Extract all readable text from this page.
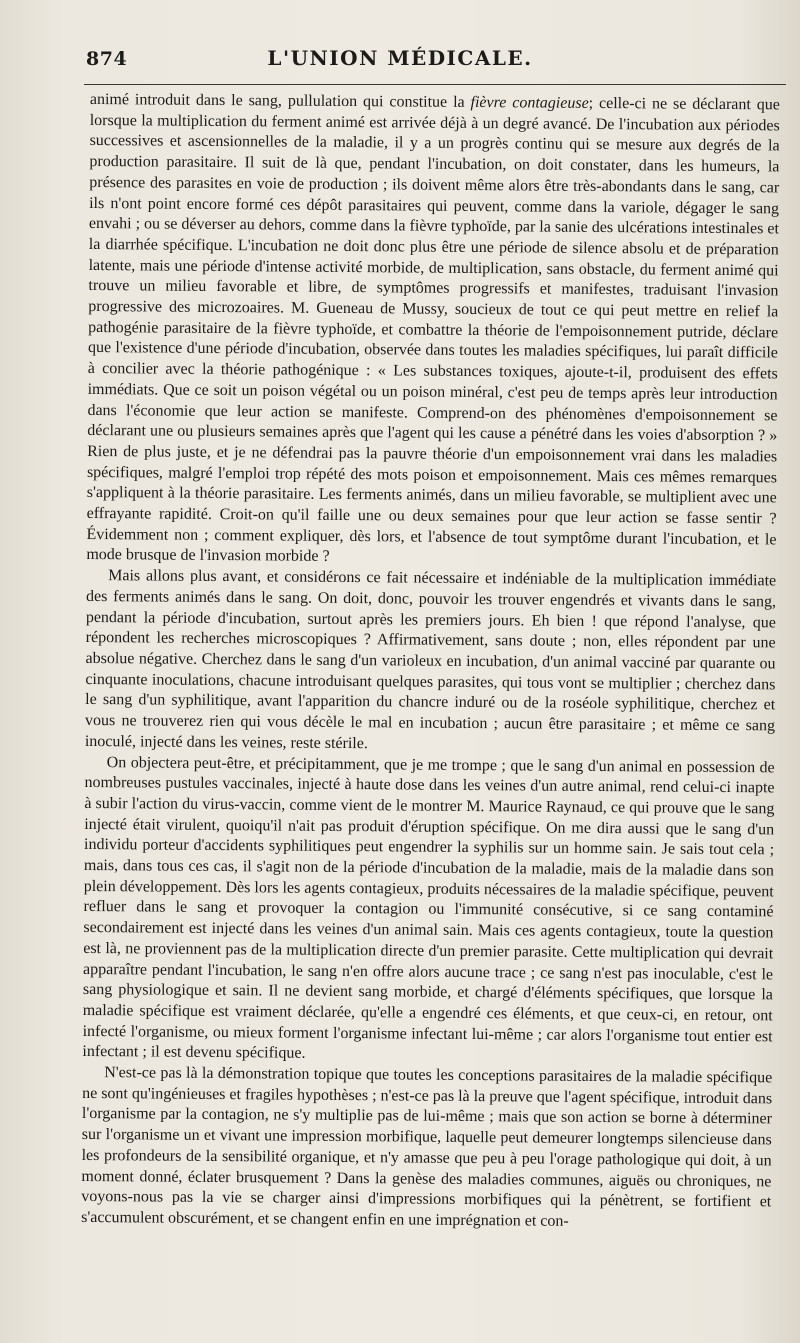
874	L'UNION MÉDICALE.

animé introduit dans le sang, pullulation qui constitue la fièvre contagieuse; celle-ci ne se déclarant que lorsque la multiplication du ferment animé est arrivée déjà à un degré avancé. De l'incubation aux périodes successives et ascensionnelles de la maladie, il y a un progrès continu qui se mesure aux degrés de la production parasitaire. Il suit de là que, pendant l'incubation, on doit constater, dans les humeurs, la présence des parasites en voie de production ; ils doivent même alors être très-abondants dans le sang, car ils n'ont point encore formé ces dépôt parasitaires qui peuvent, comme dans la variole, dégager le sang envahi ; ou se déverser au dehors, comme dans la fièvre typhoïde, par la sanie des ulcérations intestinales et la diarrhée spécifique. L'incubation ne doit donc plus être une période de silence absolu et de préparation latente, mais une période d'intense activité morbide, de multiplication, sans obstacle, du ferment animé qui trouve un milieu favorable et libre, de symptômes progressifs et manifestes, traduisant l'invasion progressive des microzoaires. M. Gueneau de Mussy, soucieux de tout ce qui peut mettre en relief la pathogénie parasitaire de la fièvre typhoïde, et combattre la théorie de l'empoisonnement putride, déclare que l'existence d'une période d'incubation, observée dans toutes les maladies spécifiques, lui paraît difficile à concilier avec la théorie pathogénique : « Les substances toxiques, ajoute-t-il, produisent des effets immédiats. Que ce soit un poison végétal ou un poison minéral, c'est peu de temps après leur introduction dans l'économie que leur action se manifeste. Comprend-on des phénomènes d'empoisonnement se déclarant une ou plusieurs semaines après que l'agent qui les cause a pénétré dans les voies d'absorption ? » Rien de plus juste, et je ne défendrai pas la pauvre théorie d'un empoisonnement vrai dans les maladies spécifiques, malgré l'emploi trop répété des mots poison et empoisonnement. Mais ces mêmes remarques s'appliquent à la théorie parasitaire. Les ferments animés, dans un milieu favorable, se multiplient avec une effrayante rapidité. Croit-on qu'il faille une ou deux semaines pour que leur action se fasse sentir ? Évidemment non ; comment expliquer, dès lors, et l'absence de tout symptôme durant l'incubation, et le mode brusque de l'invasion morbide ?

Mais allons plus avant, et considérons ce fait nécessaire et indéniable de la multiplication immédiate des ferments animés dans le sang. On doit, donc, pouvoir les trouver engendrés et vivants dans le sang, pendant la période d'incubation, surtout après les premiers jours. Eh bien ! que répond l'analyse, que répondent les recherches microscopiques ? Affirmativement, sans doute ; non, elles répondent par une absolue négative. Cherchez dans le sang d'un varioleux en incubation, d'un animal vacciné par quarante ou cinquante inoculations, chacune introduisant quelques parasites, qui tous vont se multiplier ; cherchez dans le sang d'un syphilitique, avant l'apparition du chancre induré ou de la roséole syphilitique, cherchez et vous ne trouverez rien qui vous décèle le mal en incubation ; aucun être parasitaire ; et même ce sang inoculé, injecté dans les veines, reste stérile.

On objectera peut-être, et précipitamment, que je me trompe ; que le sang d'un animal en possession de nombreuses pustules vaccinales, injecté à haute dose dans les veines d'un autre animal, rend celui-ci inapte à subir l'action du virus-vaccin, comme vient de le montrer M. Maurice Raynaud, ce qui prouve que le sang injecté était virulent, quoiqu'il n'ait pas produit d'éruption spécifique. On me dira aussi que le sang d'un individu porteur d'accidents syphilitiques peut engendrer la syphilis sur un homme sain. Je sais tout cela ; mais, dans tous ces cas, il s'agit non de la période d'incubation de la maladie, mais de la maladie dans son plein développement. Dès lors les agents contagieux, produits nécessaires de la maladie spécifique, peuvent refluer dans le sang et provoquer la contagion ou l'immunité consécutive, si ce sang contaminé secondairement est injecté dans les veines d'un animal sain. Mais ces agents contagieux, toute la question est là, ne proviennent pas de la multiplication directe d'un premier parasite. Cette multiplication qui devrait apparaître pendant l'incubation, le sang n'en offre alors aucune trace ; ce sang n'est pas inoculable, c'est le sang physiologique et sain. Il ne devient sang morbide, et chargé d'éléments spécifiques, que lorsque la maladie spécifique est vraiment déclarée, qu'elle a engendré ces éléments, et que ceux-ci, en retour, ont infecté l'organisme, ou mieux forment l'organisme infectant lui-même ; car alors l'organisme tout entier est infectant ; il est devenu spécifique.

N'est-ce pas là la démonstration topique que toutes les conceptions parasitaires de la maladie spécifique ne sont qu'ingénieuses et fragiles hypothèses ; n'est-ce pas là la preuve que l'agent spécifique, introduit dans l'organisme par la contagion, ne s'y multiplie pas de lui-même ; mais que son action se borne à déterminer sur l'organisme un et vivant une impression morbifique, laquelle peut demeurer longtemps silencieuse dans les profondeurs de la sensibilité organique, et n'y amasse que peu à peu l'orage pathologique qui doit, à un moment donné, éclater brusquement ? Dans la genèse des maladies communes, aiguës ou chroniques, ne voyons-nous pas la vie se charger ainsi d'impressions morbifiques qui la pénètrent, se fortifient et s'accumulent obscurément, et se changent enfin en une imprégnation et con-
